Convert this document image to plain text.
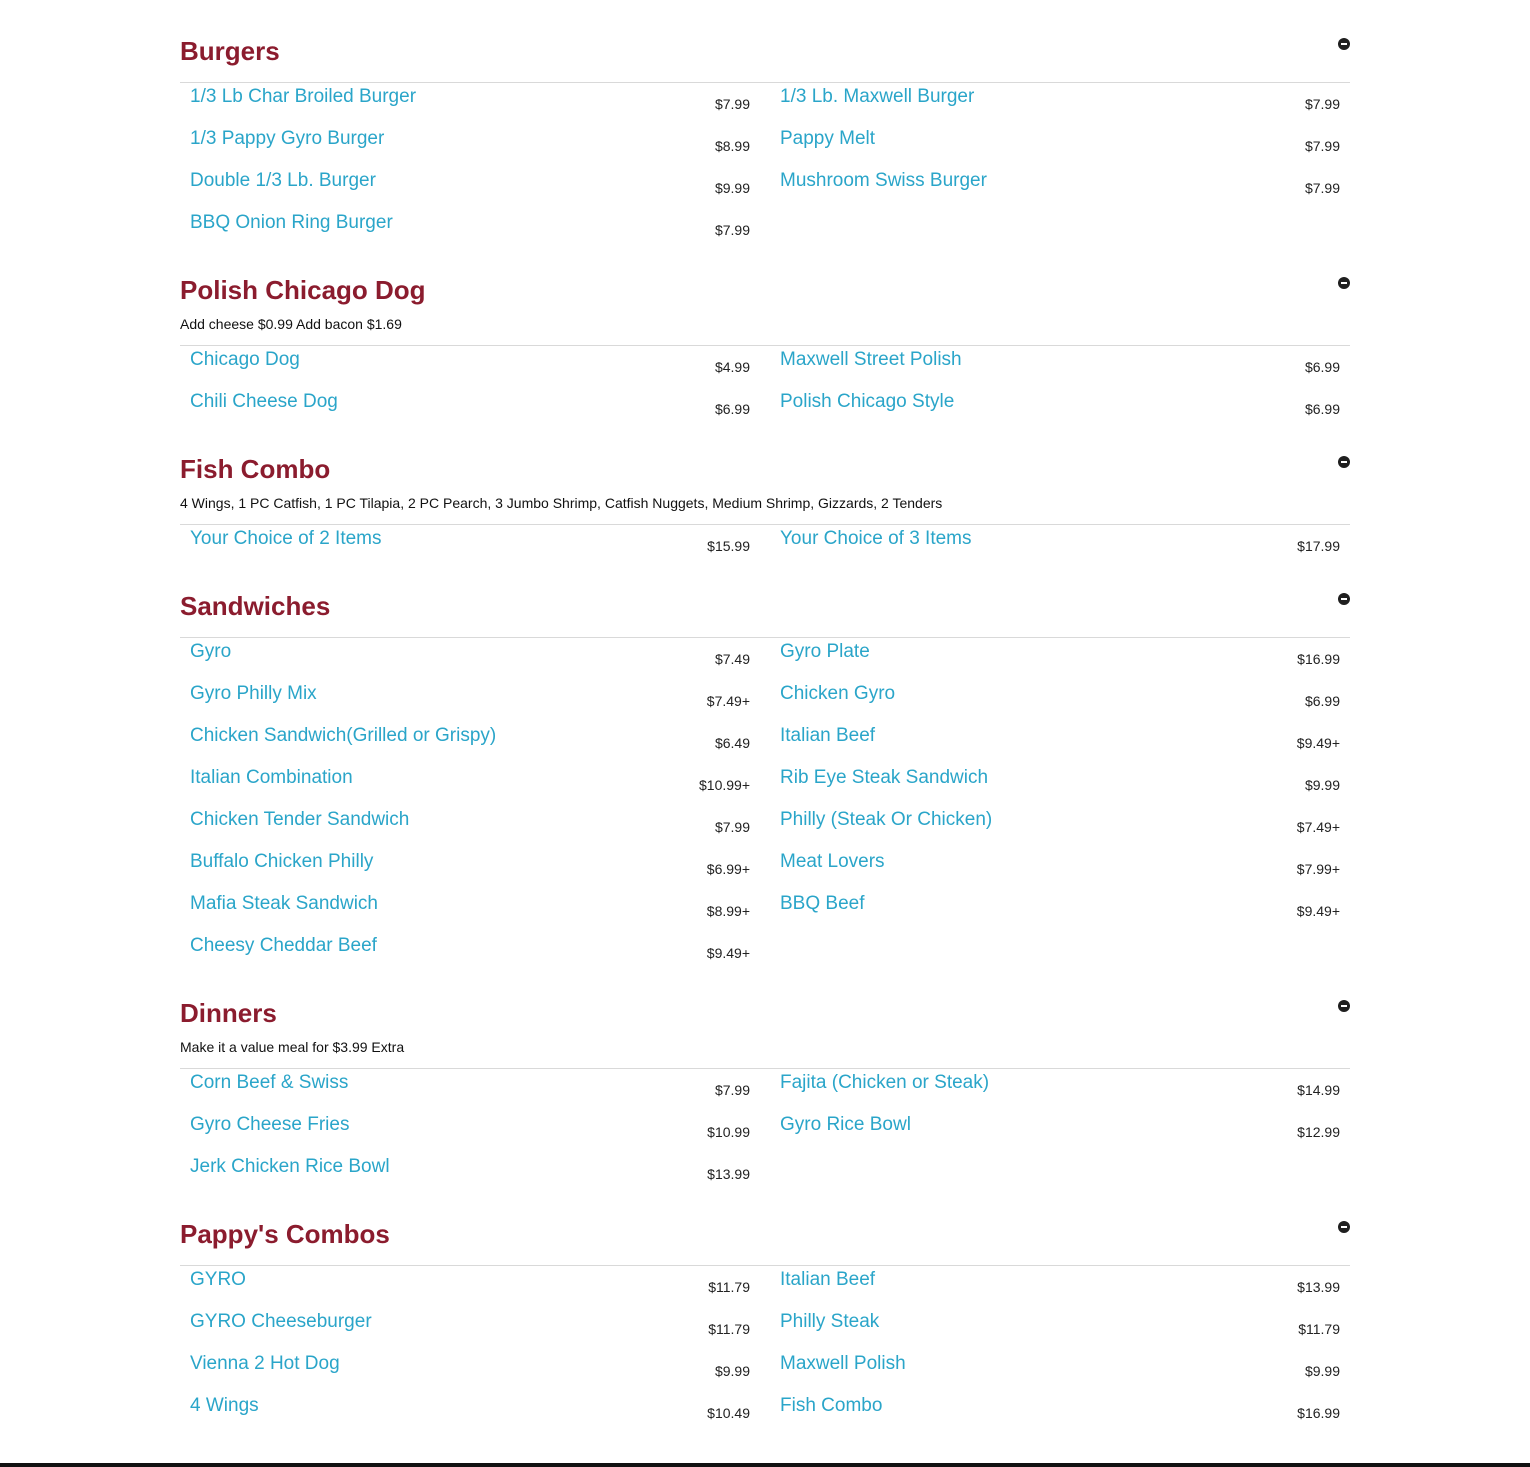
Burgers
1/3 Lb Char Broiled Burger	$7.99 1/3 Lb. Maxwell Burger	$7.99
1/3 Pappy Gyro Burger	$8.99 Pappy Melt	$7.99
Double 1/3 Lb. Burger	$9.99 Mushroom Swiss Burger	$7.99
BBQ Onion Ring Burger	$7.99
Polish Chicago Dog
Add cheese $0.99 Add bacon $1.69
Chicago Dog	$4.99 Maxwell Street Polish	$6.99
Chili Cheese Dog	$6.99 Polish Chicago Style	$6.99
Fish Combo
4 Wings, 1 PC Catfish, 1 PC Tilapia, 2 PC Pearch, 3 Jumbo Shrimp, Catfish Nuggets, Medium Shrimp, Gizzards, 2 Tenders
Your Choice of 2 Items	$15.99 Your Choice of 3 Items	$17.99
Sandwiches
Gyro	$7.49 Gyro Plate	$16.99
Gyro Philly Mix	$7.49+ Chicken Gyro	$6.99
Chicken Sandwich(Grilled or Grispy)	$6.49 Italian Beef	$9.49+
Italian Combination	$10.99+ Rib Eye Steak Sandwich	$9.99
Chicken Tender Sandwich	$7.99 Philly (Steak Or Chicken)	$7.49+
Buffalo Chicken Philly	$6.99+ Meat Lovers	$7.99+
Mafia Steak Sandwich	$8.99+ BBQ Beef	$9.49+
Cheesy Cheddar Beef	$9.49+
Dinners
Make it a value meal for $3.99 Extra
Corn Beef & Swiss	$7.99 Fajita (Chicken or Steak)	$14.99
Gyro Cheese Fries	$10.99 Gyro Rice Bowl	$12.99
Jerk Chicken Rice Bowl	$13.99
Pappy's Combos
GYRO	$11.79 Italian Beef	$13.99
GYRO Cheeseburger	$11.79 Philly Steak	$11.79
Vienna 2 Hot Dog	$9.99 Maxwell Polish	$9.99
4 Wings	$10.49 Fish Combo	$16.99
